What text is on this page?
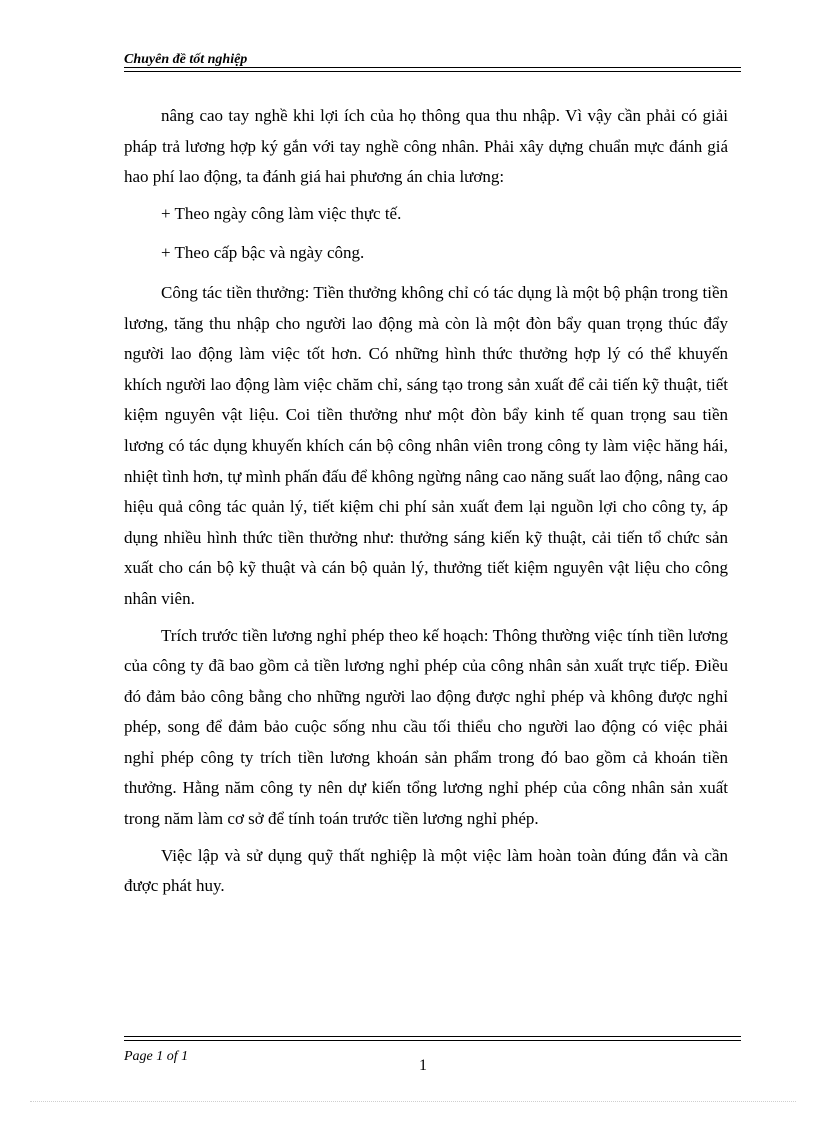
Chuyên đề tốt nghiệp

nâng cao tay nghề khi lợi ích của họ thông qua thu nhập. Vì vậy cần phải có giải pháp trả lương hợp ký gắn với tay nghề công nhân. Phải xây dựng chuẩn mực đánh giá hao phí lao động, ta đánh giá hai phương án chia lương:

+ Theo ngày công làm việc thực tế.

+ Theo cấp bậc và ngày công.

Công tác tiền thưởng: Tiền thưởng không chỉ có tác dụng là một bộ phận trong tiền lương, tăng thu nhập cho người lao động mà còn là một đòn bẩy quan trọng thúc đẩy người lao động làm việc tốt hơn. Có những hình thức thưởng hợp lý có thể khuyến khích người lao động làm việc chăm chỉ, sáng tạo trong sản xuất để cải tiến kỹ thuật, tiết kiệm nguyên vật liệu. Coi tiền thưởng như một đòn bẩy kinh tế quan trọng sau tiền lương có tác dụng khuyến khích cán bộ công nhân viên trong công ty làm việc hăng hái, nhiệt tình hơn, tự mình phấn đấu để không ngừng nâng cao năng suất lao động, nâng cao hiệu quả công tác quản lý, tiết kiệm chi phí sản xuất đem lại nguồn lợi cho công ty, áp dụng nhiều hình thức tiền thưởng như: thưởng sáng kiến kỹ thuật, cải tiến tổ chức sản xuất cho cán bộ kỹ thuật và cán bộ quản lý, thưởng tiết kiệm nguyên vật liệu cho công nhân viên.

Trích trước tiền lương nghỉ phép theo kế hoạch: Thông thường việc tính tiền lương của công ty đã bao gồm cả tiền lương nghỉ phép của công nhân sản xuất trực tiếp. Điều đó đảm bảo công bằng cho những người lao động được nghỉ phép và không được nghỉ phép, song để đảm bảo cuộc sống nhu cầu tối thiểu cho người lao động có việc phải nghỉ phép công ty trích tiền lương khoán sản phẩm trong đó bao gồm cả khoán tiền thưởng. Hằng năm công ty nên dự kiến tổng lương nghỉ phép của công nhân sản xuất trong năm làm cơ sở để tính toán trước tiền lương nghỉ phép.

Việc lập và sử dụng quỹ thất nghiệp là một việc làm hoàn toàn đúng đắn và cần được phát huy.

Page 1 of 1
1
